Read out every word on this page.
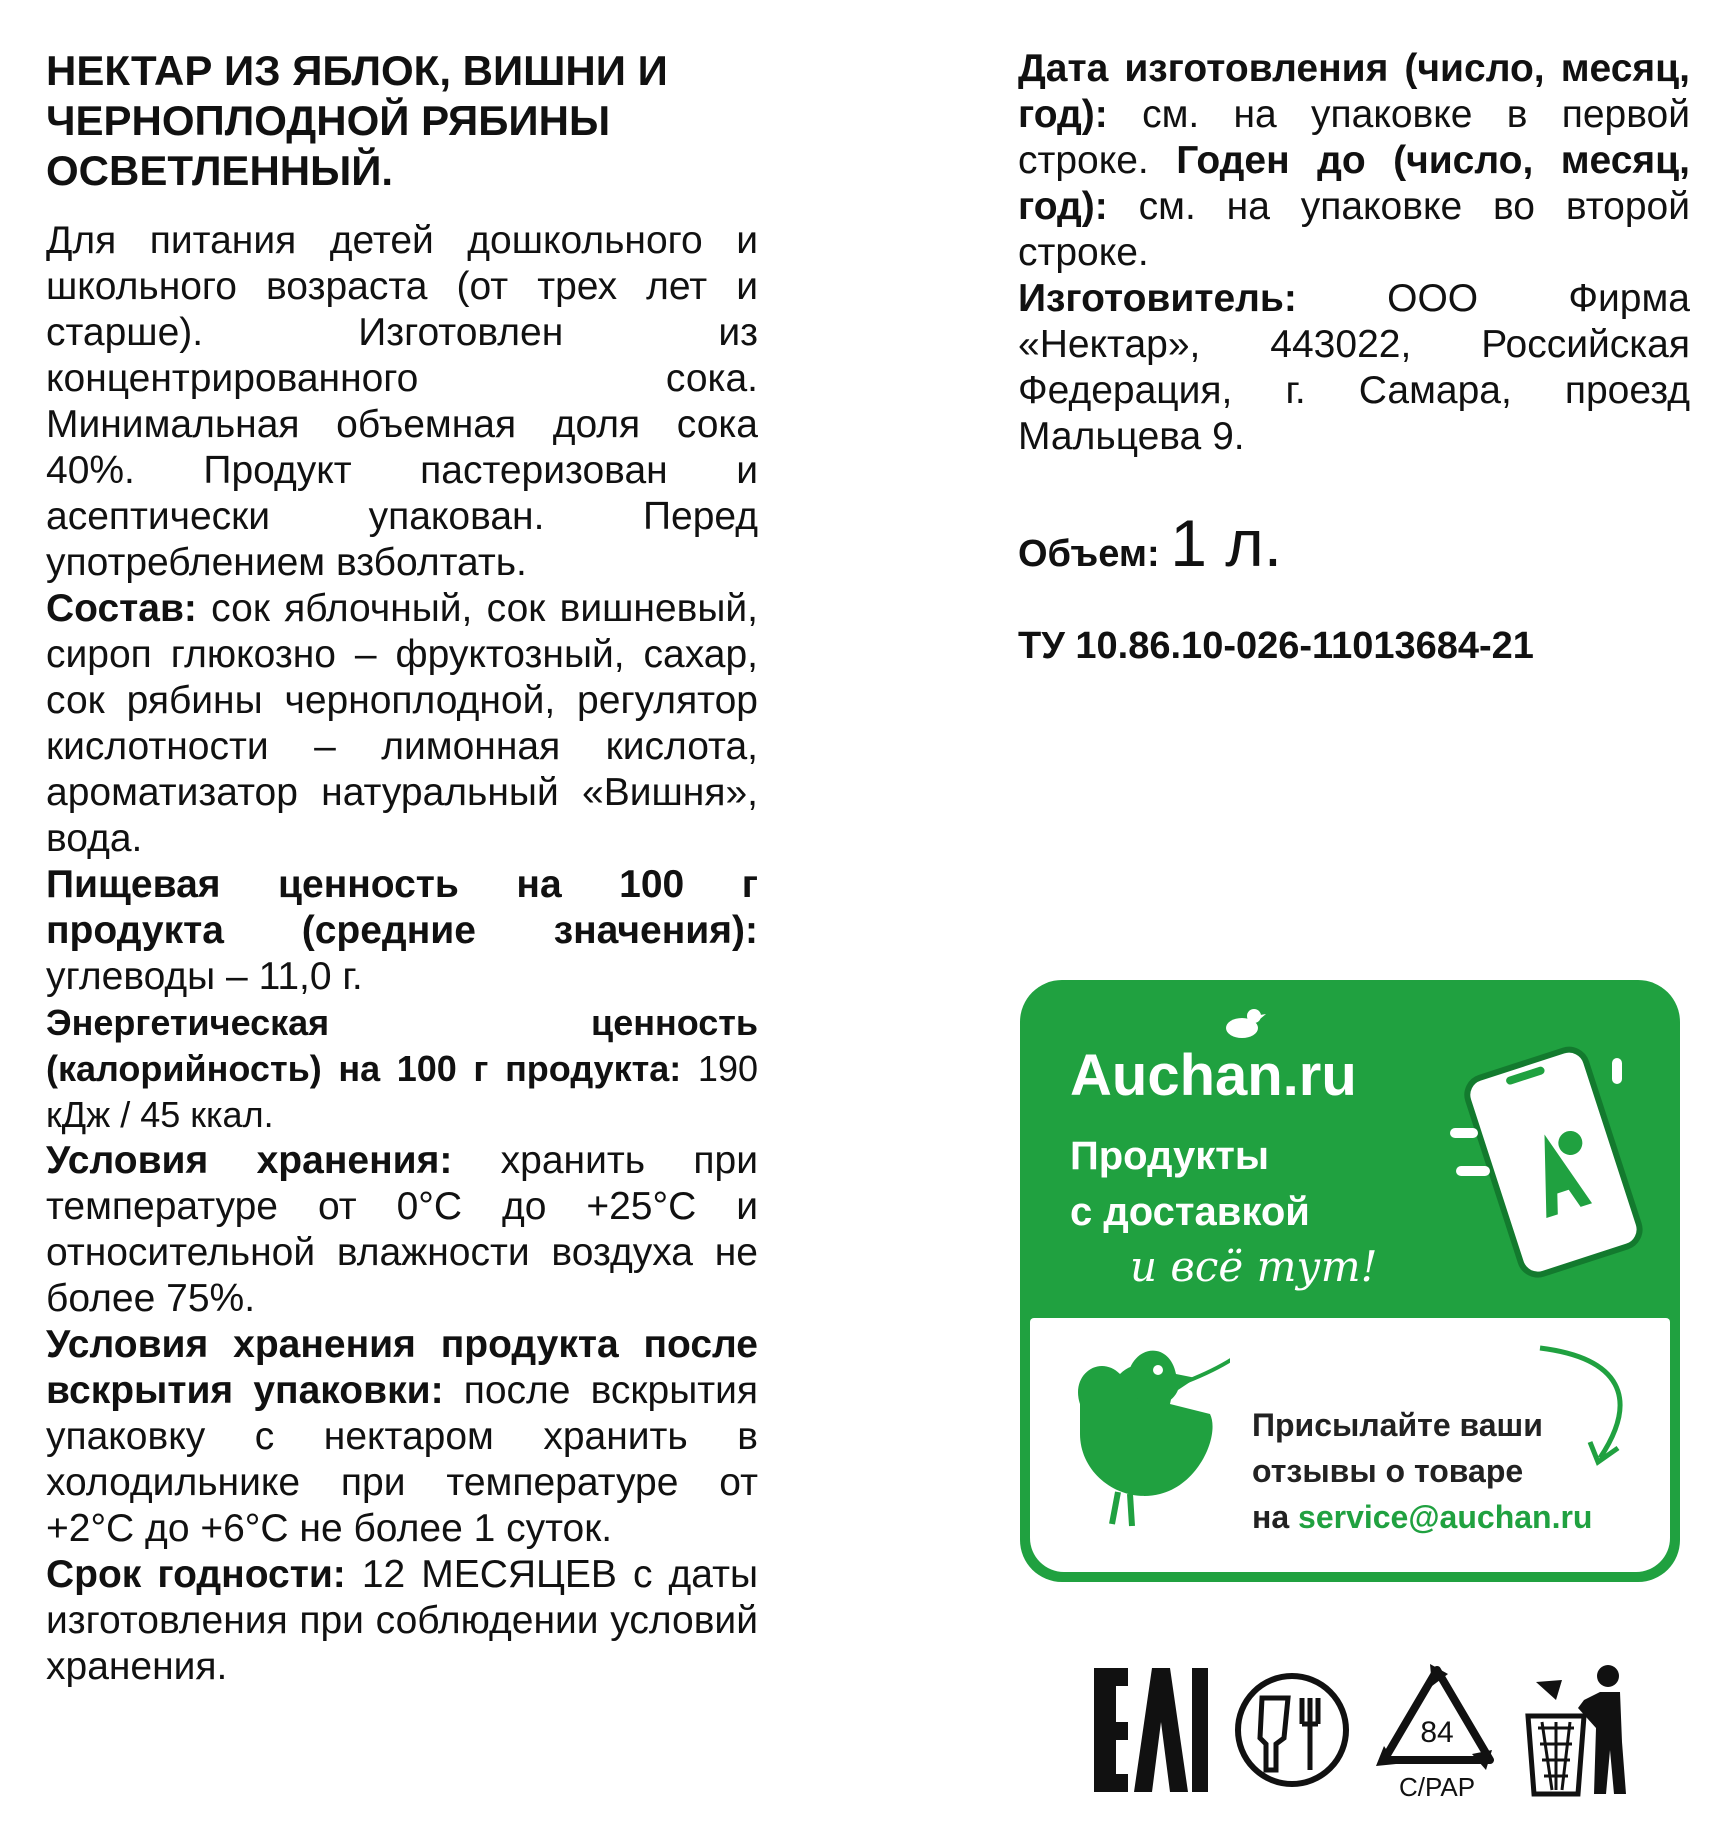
НЕКТАР ИЗ ЯБЛОК, ВИШНИ И ЧЕРНОПЛОДНОЙ РЯБИНЫ ОСВЕТЛЕННЫЙ.

Для питания детей дошкольного и школьного возраста (от трех лет и старше). Изготовлен из концентрированного сока. Минимальная объемная доля сока 40%. Продукт пастеризован и асептически упакован. Перед употреблением взболтать.

Состав: сок яблочный, сок вишневый, сироп глюкозно – фруктозный, сахар, сок рябины черноплодной, регулятор кислотности – лимонная кислота, ароматизатор натуральный «Вишня», вода.

Пищевая ценность на 100 г продукта (средние значения): углеводы – 11,0 г.

Энергетическая ценность (калорийность) на 100 г продукта: 190 кДж / 45 ккал.

Условия хранения: хранить при температуре от 0°С до +25°С и относительной влажности воздуха не более 75%.

Условия хранения продукта после вскрытия упаковки: после вскрытия упаковку с нектаром хранить в холодильнике при температуре от +2°С до +6°С не более 1 суток.

Срок годности: 12 МЕСЯЦЕВ с даты изготовления при соблюдении условий хранения.

Дата изготовления (число, месяц, год): см. на упаковке в первой строке. Годен до (число, месяц, год): см. на упаковке во второй строке.

Изготовитель: ООО Фирма «Нектар», 443022, Российская Федерация, г. Самара, проезд Мальцева 9.

Объем: 1 л.

ТУ 10.86.10-026-11013684-21

Auchan.ru
Продукты
с доставкой
и всё тут!
Присылайте ваши
отзывы о товаре
на service@auchan.ru
84
C/PAP
